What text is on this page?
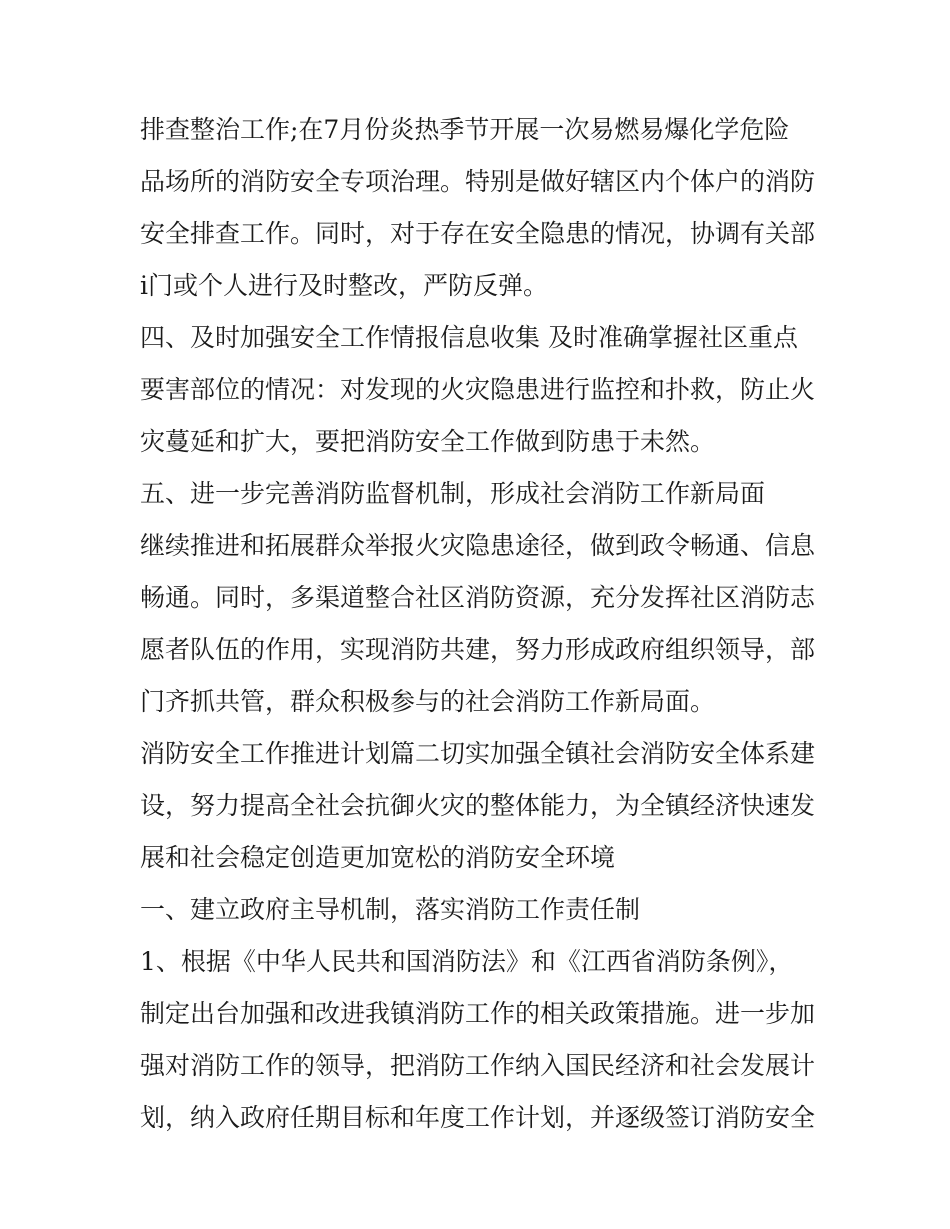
排查整治工作;在7月份炎热季节开展一次易燃易爆化学危险
品场所的消防安全专项治理。特别是做好辖区内个体户的消防
安全排查工作。同时，对于存在安全隐患的情况，协调有关部
i门或个人进行及时整改，严防反弹。
四、及时加强安全工作情报信息收集 及时准确掌握社区重点
要害部位的情况：对发现的火灾隐患进行监控和扑救，防止火
灾蔓延和扩大，要把消防安全工作做到防患于未然。
五、进一步完善消防监督机制，形成社会消防工作新局面
继续推进和拓展群众举报火灾隐患途径，做到政令畅通、信息
畅通。同时，多渠道整合社区消防资源，充分发挥社区消防志
愿者队伍的作用，实现消防共建，努力形成政府组织领导，部
门齐抓共管，群众积极参与的社会消防工作新局面。
消防安全工作推进计划篇二切实加强全镇社会消防安全体系建
设，努力提高全社会抗御火灾的整体能力，为全镇经济快速发
展和社会稳定创造更加宽松的消防安全环境
一、建立政府主导机制，落实消防工作责任制
1、根据《中华人民共和国消防法》和《江西省消防条例》，
制定出台加强和改进我镇消防工作的相关政策措施。进一步加
强对消防工作的领导，把消防工作纳入国民经济和社会发展计
划，纳入政府任期目标和年度工作计划，并逐级签订消防安全
